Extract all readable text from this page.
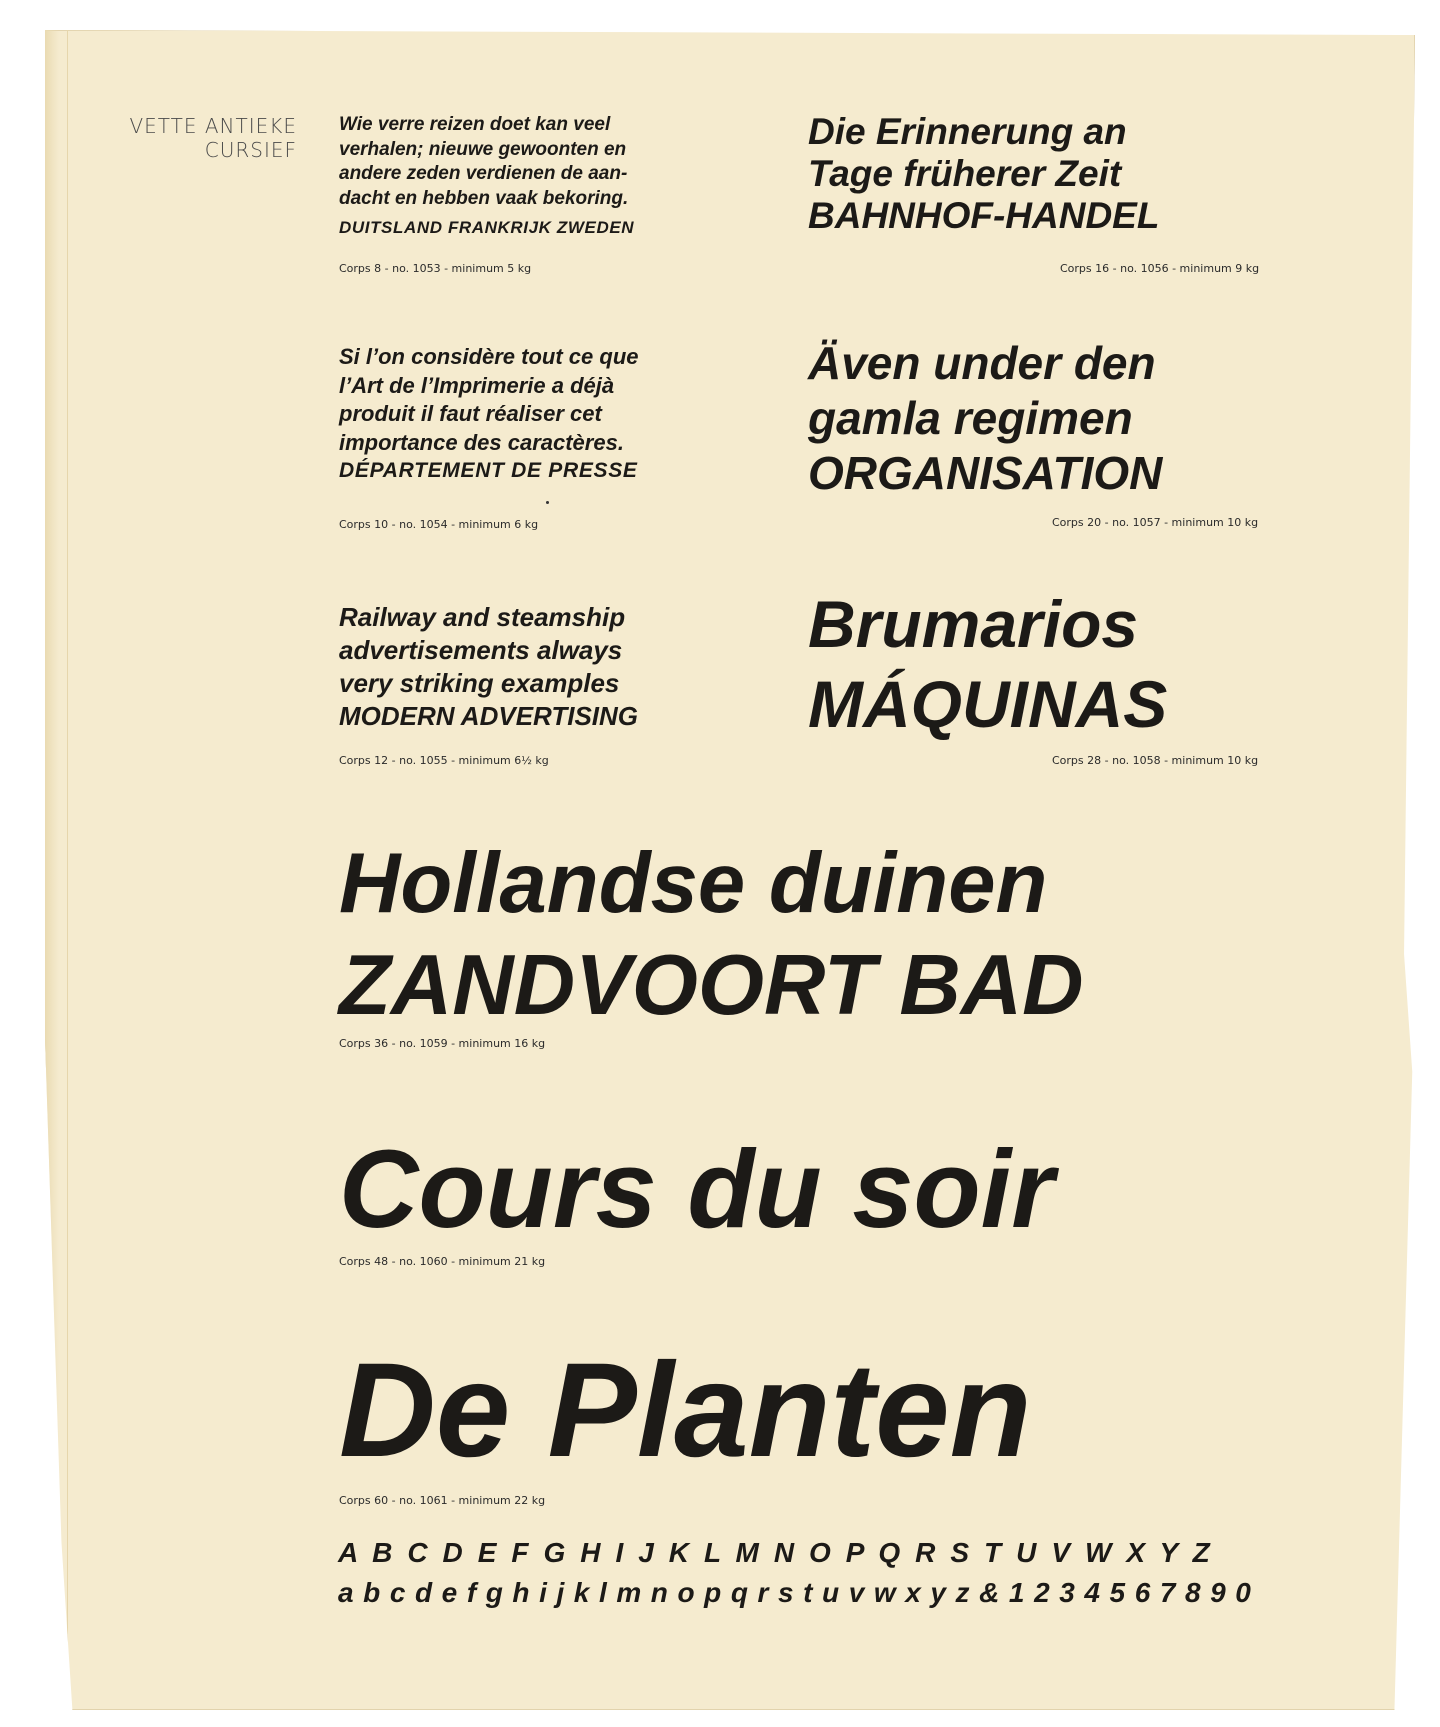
VETTE ANTIEKE
CURSIEF
Wie verre reizen doet kan veel
verhalen; nieuwe gewoonten en
andere zeden verdienen de aan-
dacht en hebben vaak bekoring.
DUITSLAND FRANKRIJK ZWEDEN
Corps 8 - no. 1053 - minimum 5 kg
Die Erinnerung an
Tage früherer Zeit
BAHNHOF-HANDEL
Corps 16 - no. 1056 - minimum 9 kg
Si l’on considère tout ce que
l’Art de l’Imprimerie a déjà
produit il faut réaliser cet
importance des caractères.
DÉPARTEMENT DE PRESSE
Corps 10 - no. 1054 - minimum 6 kg
Även under den
gamla regimen
ORGANISATION
Corps 20 - no. 1057 - minimum 10 kg
Railway and steamship
advertisements always
very striking examples
MODERN ADVERTISING
Corps 12 - no. 1055 - minimum 6½ kg
Brumarios
MÁQUINAS
Corps 28 - no. 1058 - minimum 10 kg
Hollandse duinen
ZANDVOORT BAD
Corps 36 - no. 1059 - minimum 16 kg
Cours du soir
Corps 48 - no. 1060 - minimum 21 kg
De Planten
Corps 60 - no. 1061 - minimum 22 kg
A B C D E F G H I J K L M N O P Q R S T U V W X Y Z
a b c d e f g h i j k l m n o p q r s t u v w x y z & 1 2 3 4 5 6 7 8 9 0
